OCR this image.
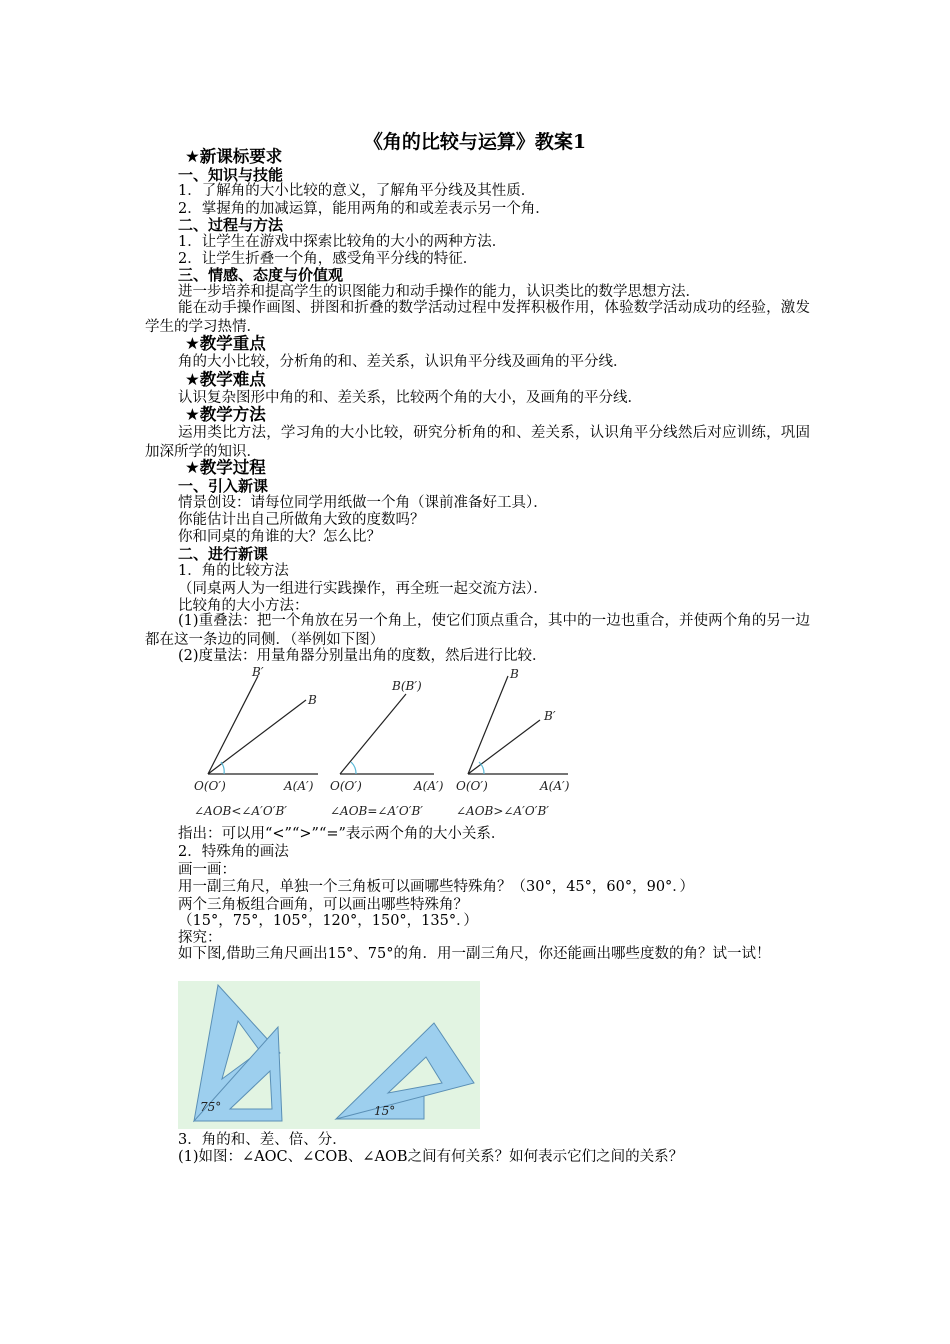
《角的比较与运算》教案1
★新课标要求
一、知识与技能
1．了解角的大小比较的意义，了解角平分线及其性质．
2．掌握角的加减运算，能用两角的和或差表示另一个角．
二、过程与方法
1．让学生在游戏中探索比较角的大小的两种方法．
2．让学生折叠一个角，感受角平分线的特征．
三、情感、态度与价值观
进一步培养和提高学生的识图能力和动手操作的能力，认识类比的数学思想方法．
能在动手操作画图、拼图和折叠的数学活动过程中发挥积极作用，体验数学活动成功的经验，激发学生的学习热情．
★教学重点
角的大小比较，分析角的和、差关系，认识角平分线及画角的平分线．
★教学难点
认识复杂图形中角的和、差关系，比较两个角的大小，及画角的平分线．
★教学方法
运用类比方法，学习角的大小比较，研究分析角的和、差关系，认识角平分线然后对应训练，巩固加深所学的知识．
★教学过程
一、引入新课
情景创设：请每位同学用纸做一个角（课前准备好工具）．
你能估计出自己所做角大致的度数吗？
你和同桌的角谁的大？怎么比？
二、进行新课
1．角的比较方法
（同桌两人为一组进行实践操作，再全班一起交流方法）．
比较角的大小方法：
(1)重叠法：把一个角放在另一个角上，使它们顶点重合，其中的一边也重合，并使两个角的另一边都在这一条边的同侧．（举例如下图）
(2)度量法：用量角器分别量出角的度数，然后进行比较．
B′
B
O(O′)	A(A′)
∠AOB<∠A′O′B′
B(B′)
O(O′)	A(A′)
∠AOB=∠A′O′B′
B
B′
O(O′)	A(A′)
∠AOB>∠A′O′B′
指出：可以用“<”“>”“=”表示两个角的大小关系．
2．特殊角的画法
画一画：
用一副三角尺，单独一个三角板可以画哪些特殊角？（30°，45°，60°，90°．）
两个三角板组合画角，可以画出哪些特殊角？
（15°，75°，105°，120°，150°，135°．）
探究：
如下图,借助三角尺画出15°、75°的角．用一副三角尺，你还能画出哪些度数的角？试一试！
75°	15°
3．角的和、差、倍、分．
(1)如图：∠AOC、∠COB、∠AOB之间有何关系？如何表示它们之间的关系？
